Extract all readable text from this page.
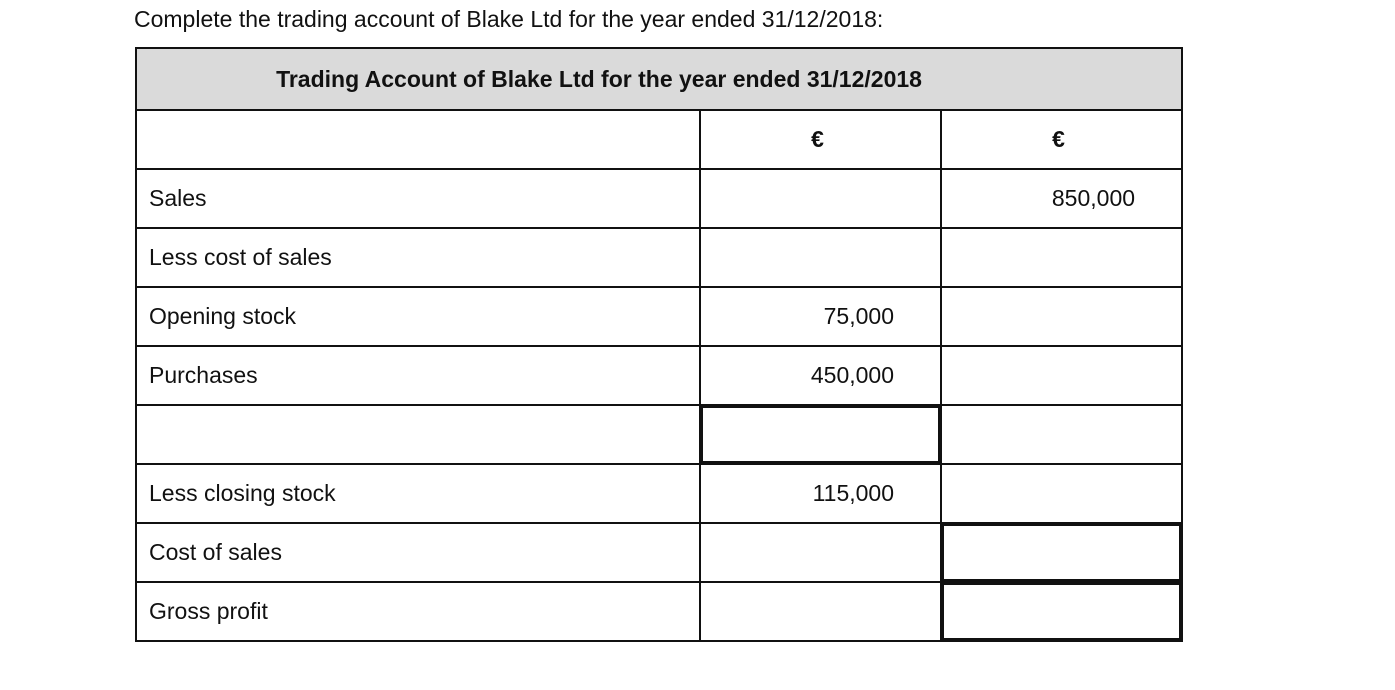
Complete the trading account of Blake Ltd for the year ended 31/12/2018:
Trading Account of Blake Ltd for the year ended 31/12/2018		
	€	€
Sales		850,000
Less cost of sales		
Opening stock	75,000	
Purchases	450,000	

Less closing stock	115,000	
Cost of sales		
Gross profit		
